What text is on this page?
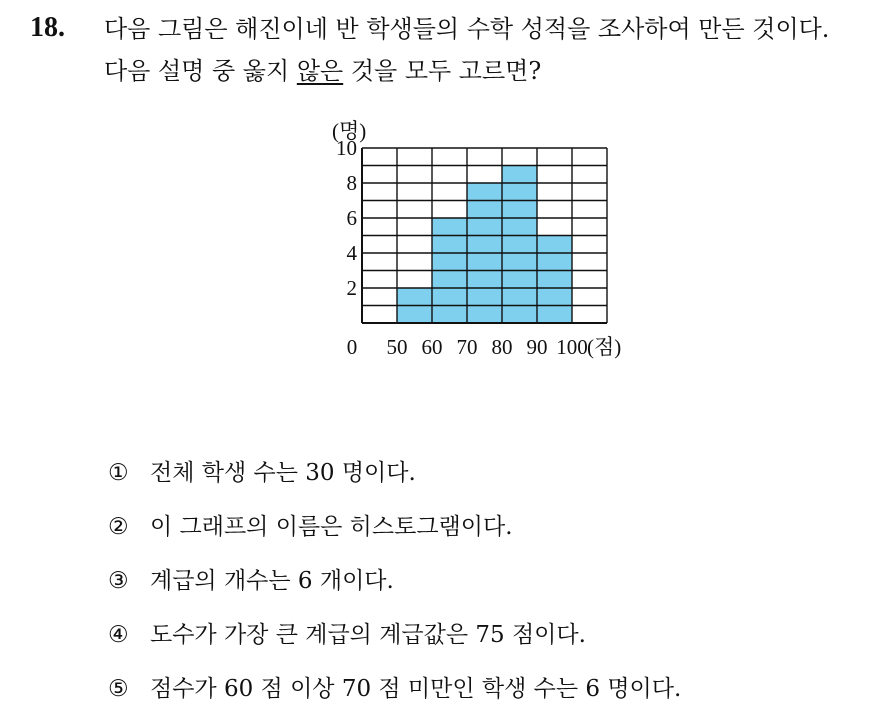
18. 다음 그림은 해진이네 반 학생들의 수학 성적을 조사하여 만든 것이다.
다음 설명 중 옳지 않은 것을 모두 고르면?
2
4
6
8
10
50 60 70 80 90 100
0
(명)
(점)
① 전체 학생 수는 30 명이다.
② 이 그래프의 이름은 히스토그램이다.
③ 계급의 개수는 6 개이다.
④ 도수가 가장 큰 계급의 계급값은 75 점이다.
⑤ 점수가 60 점 이상 70 점 미만인 학생 수는 6 명이다.
